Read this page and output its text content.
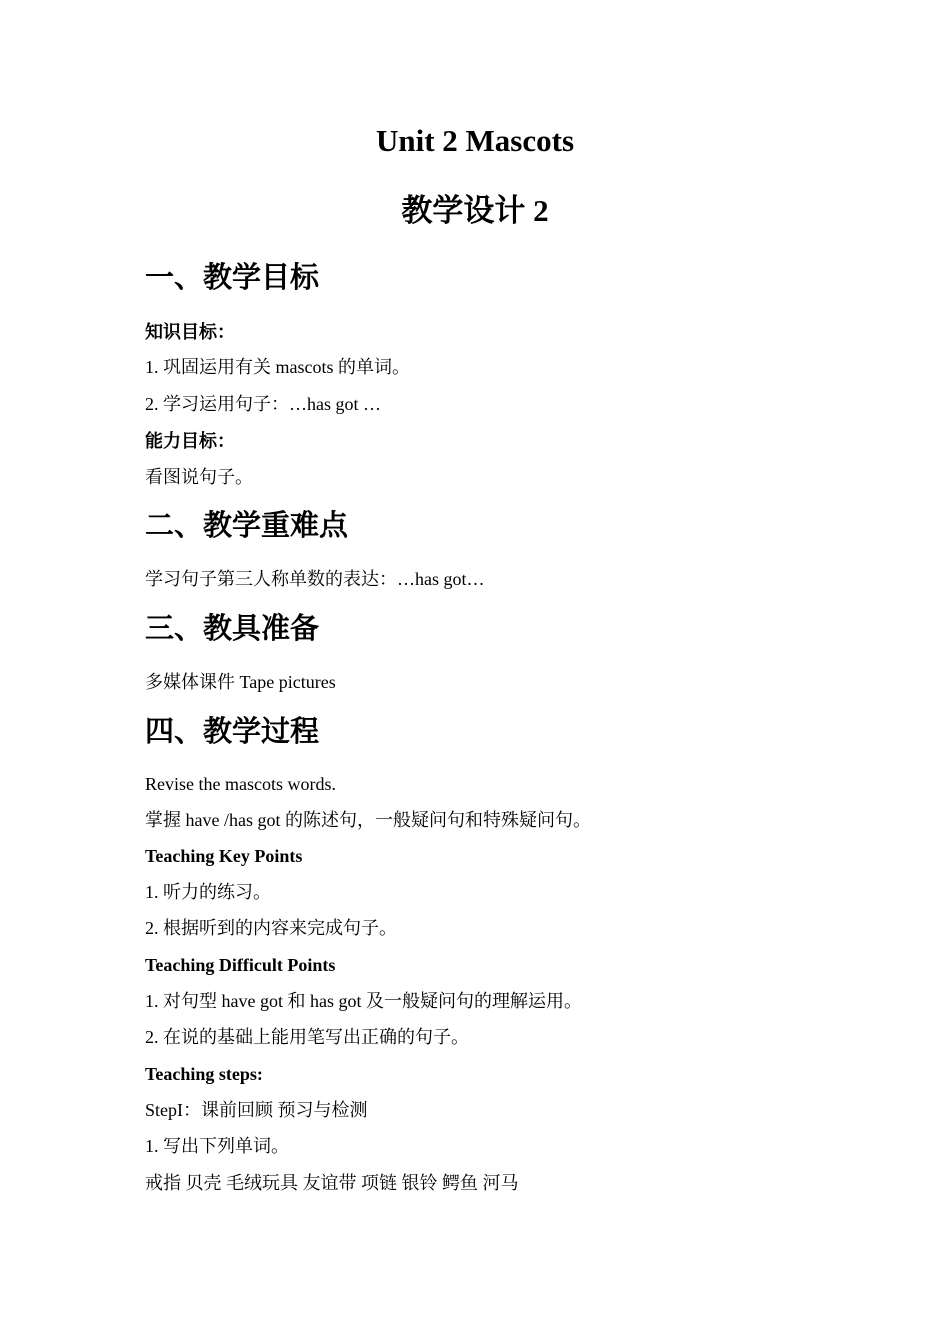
Unit 2 Mascots
教学设计 2
一、教学目标

知识目标：

1. 巩固运用有关 mascots 的单词。

2. 学习运用句子：…has got …

能力目标：

看图说句子。

二、教学重难点

学习句子第三人称单数的表达：…has got…

三、教具准备

多媒体课件 Tape pictures

四、教学过程

Revise the mascots words.

掌握 have /has got 的陈述句，一般疑问句和特殊疑问句。

Teaching Key Points

1. 听力的练习。

2. 根据听到的内容来完成句子。

Teaching Difficult Points

1. 对句型 have got 和 has got 及一般疑问句的理解运用。

2. 在说的基础上能用笔写出正确的句子。

Teaching steps:

StepI：课前回顾 预习与检测

1. 写出下列单词。

戒指 贝壳 毛绒玩具 友谊带 项链 银铃 鳄鱼 河马
